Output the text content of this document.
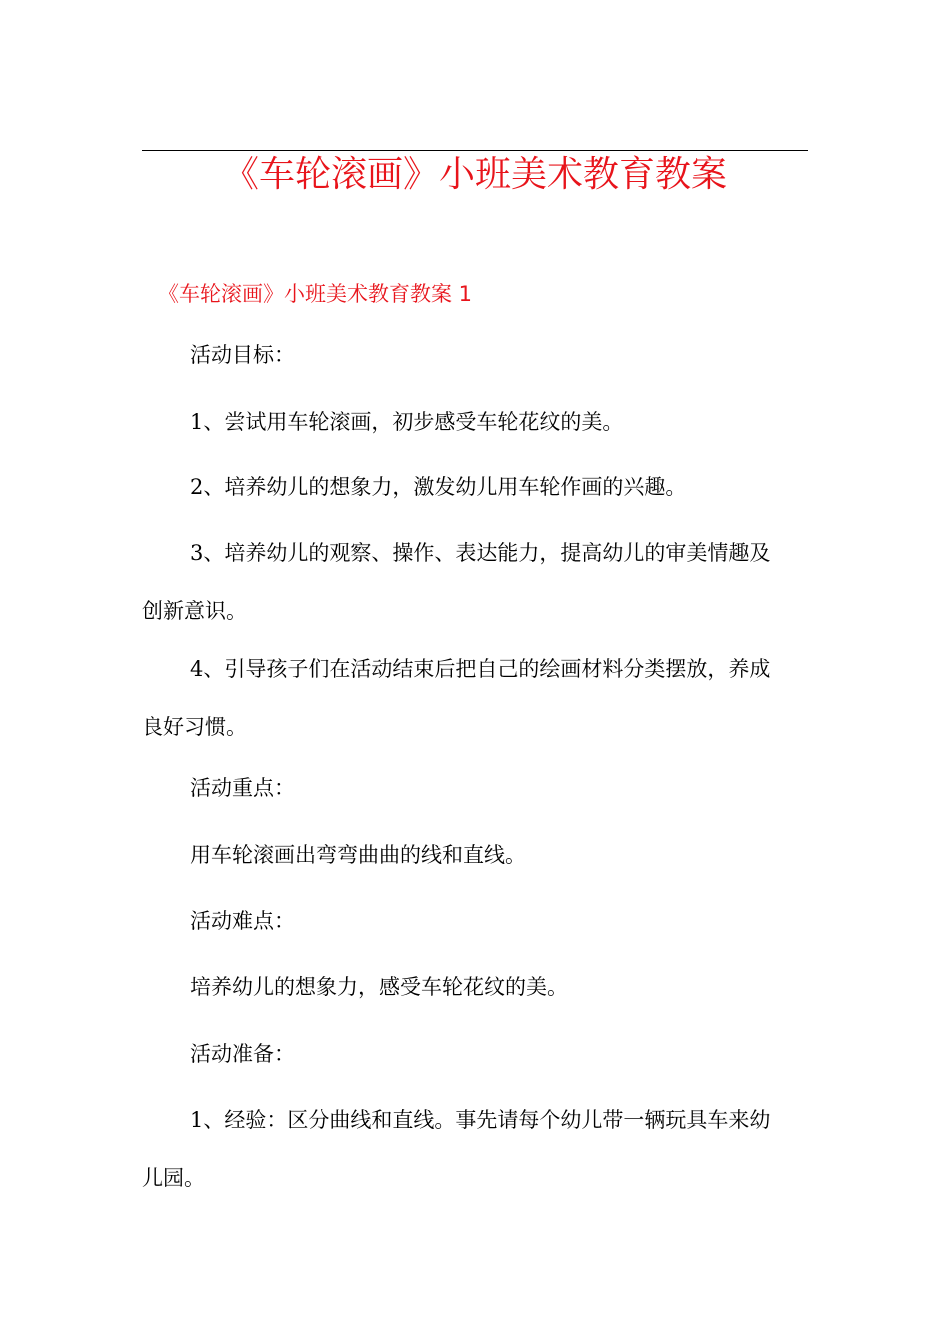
《车轮滚画》小班美术教育教案
《车轮滚画》小班美术教育教案 1
活动目标：
1、尝试用车轮滚画，初步感受车轮花纹的美。
2、培养幼儿的想象力，激发幼儿用车轮作画的兴趣。
3、培养幼儿的观察、操作、表达能力，提高幼儿的审美情趣及创新意识。
4、引导孩子们在活动结束后把自己的绘画材料分类摆放，养成良好习惯。
活动重点：
用车轮滚画出弯弯曲曲的线和直线。
活动难点：
培养幼儿的想象力，感受车轮花纹的美。
活动准备：
1、经验：区分曲线和直线。事先请每个幼儿带一辆玩具车来幼儿园。
